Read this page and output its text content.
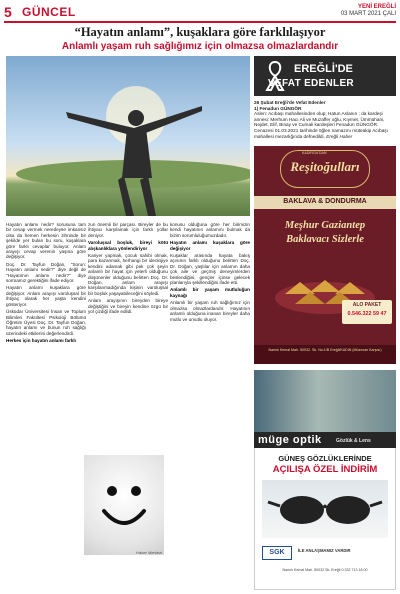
5 GÜNCEL	YENİ EREĞLİ
03 MART 2021 ÇALI
“Hayatın anlamı”, kuşaklara göre farklılaşıyor
Anlamlı yaşam ruh sağlığımız için olmazsa olmazlardandır

Hayatın anlamı nedir? sorusuna tam bir cevap vermek neredeyse imkansız olsa da hemen herkesin zihninde bir şekilde yer bulan bu soru, kuşaklara göre farklı cevaplar buluyor. Anlam arayışı cevap verenin yaşına göre değişiyor.

Doç. Dr. Tayfun Doğan, "Sorun: Hayatın anlamı nedir?" diye değil de "Hayatımın anlamı nedir?" diye sormamız gerektiğini ifade ediyor.

Hayatın anlamı kuşaklara göre değişiyor. Anlam arayışı varoluşsal bir ihtiyaç olarak her yaşta kendini gösteriyor.

Üsküdar Üniversitesi İnsan ve Toplum Bilimleri Fakültesi Psikoloji Bölümü Öğretim Üyesi Doç. Dr. Tayfun Doğan, hayatın anlamı ve bunun ruh sağlığı üzerindeki etkilerini değerlendirdi.

Herkes için hayatın anlamı farklı

zun önemli bir parçası. Bireyler de bu ihtiyacı karşılamak için farklı yollar deniyor.

Varoluşsal boşluk, bireyi kötü alışkanlıklara yönlendiriyor

Kariyer yapmak, çocuk sahibi olmak, para kazanmak, herhangi bir ideolojiye kendini adamak gibi pek çok şeyin anlamlı bir hayat için yeterli olduğunu düşünenler olduğunu belirten Doç. Dr. Doğan, anlam arayışı karşılanmadığında kişinin varoluşsal bir boşluk yaşayabileceğini söyledi.

Anlam arayışının bireyden bireye değiştiğini ve bireyin kendine özgü bir yol çizdiği ifade edildi.

konusu olduğuna göre her birimizin kendi hayatının anlamını bulmak da bizim sorumluluğumuzdadır.

Hayatın anlamı kuşaklara göre değişiyor

Kuşaklar arasında hayata bakış açısının farklı olduğunu belirten Doç. Dr. Doğan, yaşlılar için anlamın daha çok aile ve geçmiş deneyimlerden beslendiğini, gençler içinse gelecek planlarıyla şekillendiğini ifade etti.

Anlamlı bir yaşam mutluluğun kaynağı

Anlamlı bir yaşam ruh sağlığımız için olmazsa olmazlardandır. Hayatının anlamlı olduğuna inanan bireyler daha mutlu ve umutlu oluyor.

Haber Merkezi
EREĞLİ'DE
VEFAT EDENLER
26 Şubat Ereğli'de Vefat Edenler
1) Fenadun GÜNGÖR
Aslen: Acıbaşı mahallesinden olup; Hatun Aslanın ; da kardeşi annesi: Merhum Hacı Ali ve Muzaffer oğlu, Kıymet, Ümmühani, Nejdet, Elif, Binay ve Cumali kardeşleri Fenadun GÜNGÖR. Cenazesi 01.03.2021 tarihinde öğlen namazını müteakip Acıbaşı mahallesi mezarlığında defnedildi. Ereğli Haber
KADİRGA'DAN
Reşitoğulları
BAKLAVA & DONDURMA
Meşhur Gaziantep
Baklavacı Sizlerle
ALO PAKET
0.546.322 59 47
Namık Kemal Mah. 50032. Sk. No:1/B Ereğli/KADIN (Müzecan Karşısı)
müge optik	Gözlük & Lens
GÜNEŞ GÖZLÜKLERİNDE
AÇILIŞA ÖZEL İNDİRİM
SGK	İLE ANLAŞMAMIZ VARDIR
Namık Kemal Mah. 50032 Sk. Ereğli 0.332 713 18 00
